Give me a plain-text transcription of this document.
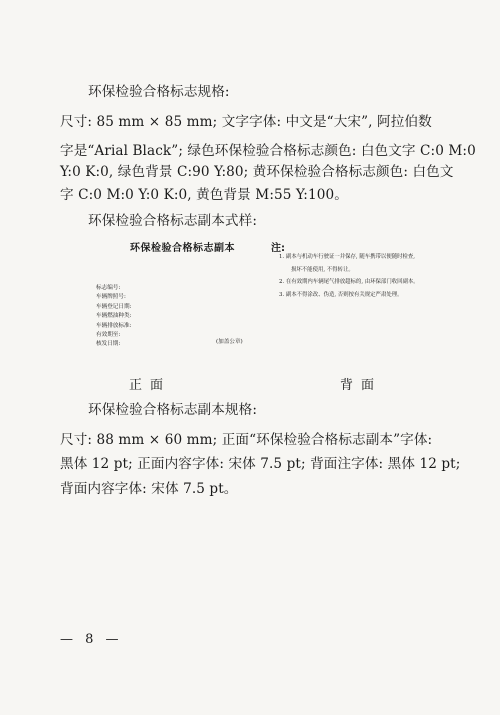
环保检验合格标志规格:
尺寸: 85 mm × 85 mm; 文字字体: 中文是“大宋”, 阿拉伯数
字是“Arial Black”; 绿色环保检验合格标志颜色: 白色文字 C:0 M:0
Y:0 K:0, 绿色背景 C:90 Y:80; 黄环保检验合格标志颜色: 白色文
字 C:0 M:0 Y:0 K:0, 黄色背景 M:55 Y:100。
环保检验合格标志副本式样:
环保检验合格标志副本
标志编号:
车辆牌照号:
车辆登记日期:
车辆燃油种类:
车辆排放标准:
有效期至:
核发日期:	(加盖公章)
注:
1. 副本与机动车行驶证一并保存, 随车携带以便随时检查,
损坏不能使用, 不得转让。
2. 在有效期内车辆尾气排放超标的, 由环保部门收回副本。
3. 副本不得涂改、伪造, 否则按有关规定严肃处理。
正面	背面
环保检验合格标志副本规格:
尺寸: 88 mm × 60 mm; 正面“环保检验合格标志副本”字体:
黑体 12 pt; 正面内容字体: 宋体 7.5 pt; 背面注字体: 黑体 12 pt;
背面内容字体: 宋体 7.5 pt。
— 8 —
